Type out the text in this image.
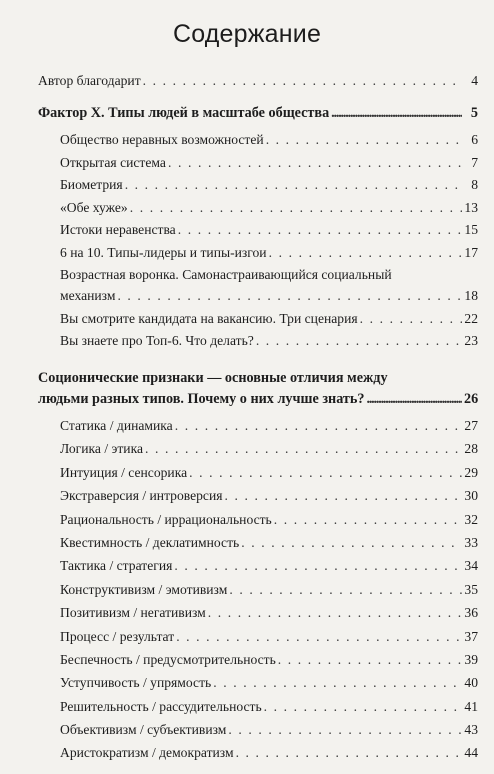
Содержание
Автор благодарит . . .	4
Фактор Х. Типы людей в масштабе общества .....	5
Общество неравных возможностей . . .	6
Открытая система . . .	7
Биометрия . . .	8
«Обе хуже» . . .	13
Истоки неравенства . . .	15
6 на 10. Типы-лидеры и типы-изгои . . .	17
Возрастная воронка. Самонастраивающийся социальный
механизм . . .	18
Вы смотрите кандидата на вакансию. Три сценария . . .	22
Вы знаете про Топ-6. Что делать? . . .	23
Соционические признаки — основные отличия между
людьми разных типов. Почему о них лучше знать? .....	26
Статика / динамика . . .	27
Логика / этика . . .	28
Интуиция / сенсорика . . .	29
Экстраверсия / интроверсия . . .	30
Рациональность / иррациональность . . .	32
Квестимность / деклатимность . . .	33
Тактика / стратегия . . .	34
Конструктивизм / эмотивизм . . .	35
Позитивизм / негативизм . . .	36
Процесс / результат . . .	37
Беспечность / предусмотрительность . . .	39
Уступчивость / упрямость . . .	40
Решительность / рассудительность . . .	41
Объективизм / субъективизм . . .	43
Аристократизм / демократизм . . .	44
